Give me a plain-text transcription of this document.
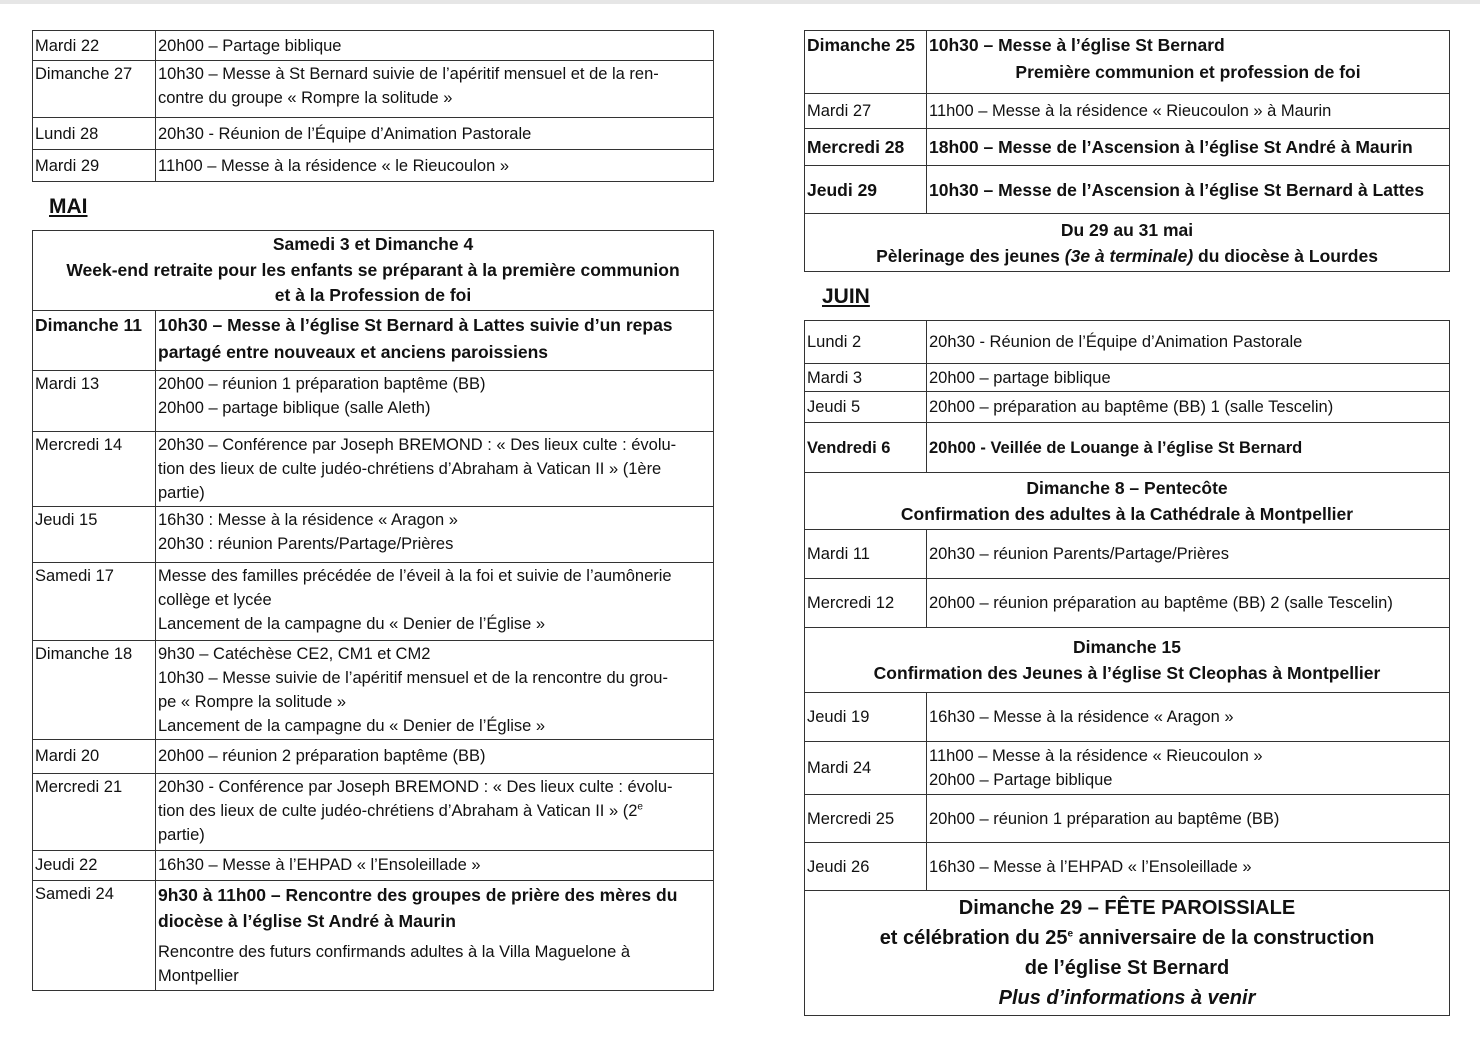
Mardi 22	20h00 – Partage biblique
Dimanche 27	10h30 – Messe à St Bernard suivie de l’apéritif mensuel et de la ren-
contre du groupe « Rompre la solitude »

Lundi 28	20h30 - Réunion de l’Équipe d’Animation Pastorale
Mardi 29	11h00 – Messe à la résidence « le Rieucoulon »
MAI
Samedi 3 et Dimanche 4
Week-end retraite pour les enfants se préparant à la première communion
et à la Profession de foi	

Dimanche 11	10h30 – Messe à l’église St Bernard à Lattes suivie d’un repas
partagé entre nouveaux et anciens paroissiens

Mardi 13	20h00 – réunion 1 préparation baptême (BB)
20h00 – partage biblique (salle Aleth)

Mercredi 14	20h30 – Conférence par Joseph BREMOND : « Des lieux culte : évolu-
tion des lieux de culte judéo-chrétiens d’Abraham à Vatican II » (1ère
partie)

Jeudi 15	16h30 : Messe à la résidence « Aragon »
20h30 : réunion Parents/Partage/Prières

Samedi 17	Messe des familles précédée de l’éveil à la foi et suivie de l’aumônerie
collège et lycée
Lancement de la campagne du « Denier de l’Église »

Dimanche 18	9h30 – Catéchèse CE2, CM1 et CM2
10h30 – Messe suivie de l’apéritif mensuel et de la rencontre du grou-
pe « Rompre la solitude »
Lancement de la campagne du « Denier de l’Église »

Mardi 20	20h00 – réunion 2 préparation baptême (BB)
Mercredi 21	20h30 - Conférence par Joseph BREMOND : « Des lieux culte : évolu-
tion des lieux de culte judéo-chrétiens d’Abraham à Vatican II » (2e
partie)

Jeudi 22	16h30 – Messe à l’EHPAD « l’Ensoleillade »
Samedi 24	9h30 à 11h00 – Rencontre des groupes de prière des mères du
diocèse à l’église St André à Maurin
Rencontre des futurs confirmands adultes à la Villa Maguelone à
Montpellier
Dimanche 25	10h30 – Messe à l’église St Bernard
Première communion et profession de foi

Mardi 27	11h00 – Messe à la résidence « Rieucoulon » à Maurin
Mercredi 28	18h00 – Messe de l’Ascension à l’église St André à Maurin
Jeudi 29	10h30 – Messe de l’Ascension à l’église St Bernard à Lattes

Du 29 au 31 mai
Pèlerinage des jeunes (3e à terminale) du diocèse à Lourdes	
JUIN
Lundi 2	20h30 - Réunion de l’Équipe d’Animation Pastorale
Mardi 3	20h00 – partage biblique
Jeudi 5	20h00 – préparation au baptême (BB) 1 (salle Tescelin)
Vendredi 6	20h00 - Veillée de Louange à l’église St Bernard

Dimanche 8 – Pentecôte
Confirmation des adultes à la Cathédrale à Montpellier	

Mardi 11	20h30 – réunion Parents/Partage/Prières
Mercredi 12	20h00 – réunion préparation au baptême (BB) 2 (salle Tescelin)

Dimanche 15
Confirmation des Jeunes à l’église St Cleophas à Montpellier	

Jeudi 19	16h30 – Messe à la résidence « Aragon »
Mardi 24	11h00 – Messe à la résidence « Rieucoulon »
20h00 – Partage biblique

Mercredi 25	20h00 – réunion 1 préparation au baptême (BB)
Jeudi 26	16h30 – Messe à l’EHPAD « l’Ensoleillade »

Dimanche 29 – FÊTE PAROISSIALE
et célébration du 25e anniversaire de la construction
de l’église St Bernard
Plus d’informations à venir	
